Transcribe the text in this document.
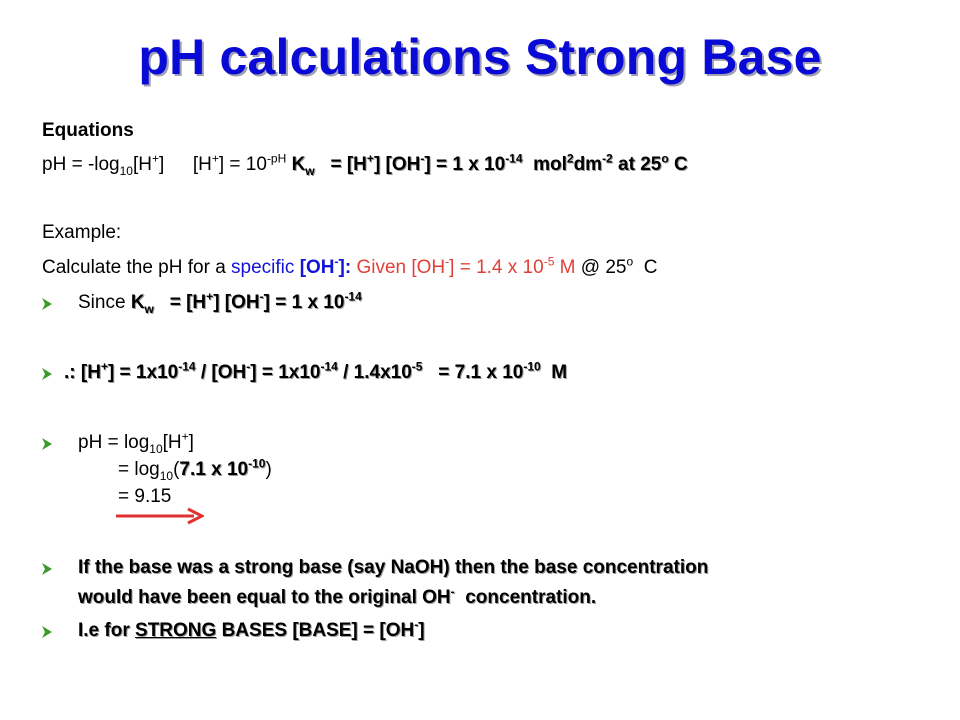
pH calculations Strong Base
Equations
pH = $-\log_{10}[H^+] [H^+] = 10^{-pH}$ $K_w = [H^+] [OH^-] = 1$ x $10^{-14}$ $mol^2dm^{-2}$ at 25$^o$ C
Example:
Calculate the pH for a specific [OH-]: Given [OH-] = 1.4 x $10^{-5}$ M @ 25$^o$ C
Since $K_w = [H^+] [OH^-] = 1$ x $10^{-14}$
.: $[H^+] = 1x10^{-14} / [OH^-] = 1x10^{-14} / 1.4x10^{-5} = 7.1$ x $10^{-10}$ M
pH = $\log_{10}[H^+]$
= $\log_{10}(7.1$ x $10^{-10}$)
= 9.15
If the base was a strong base (say NaOH) then the base concentration
would have been equal to the original OH- concentration.
I.e for STRONG BASES [BASE] = [OH-]
